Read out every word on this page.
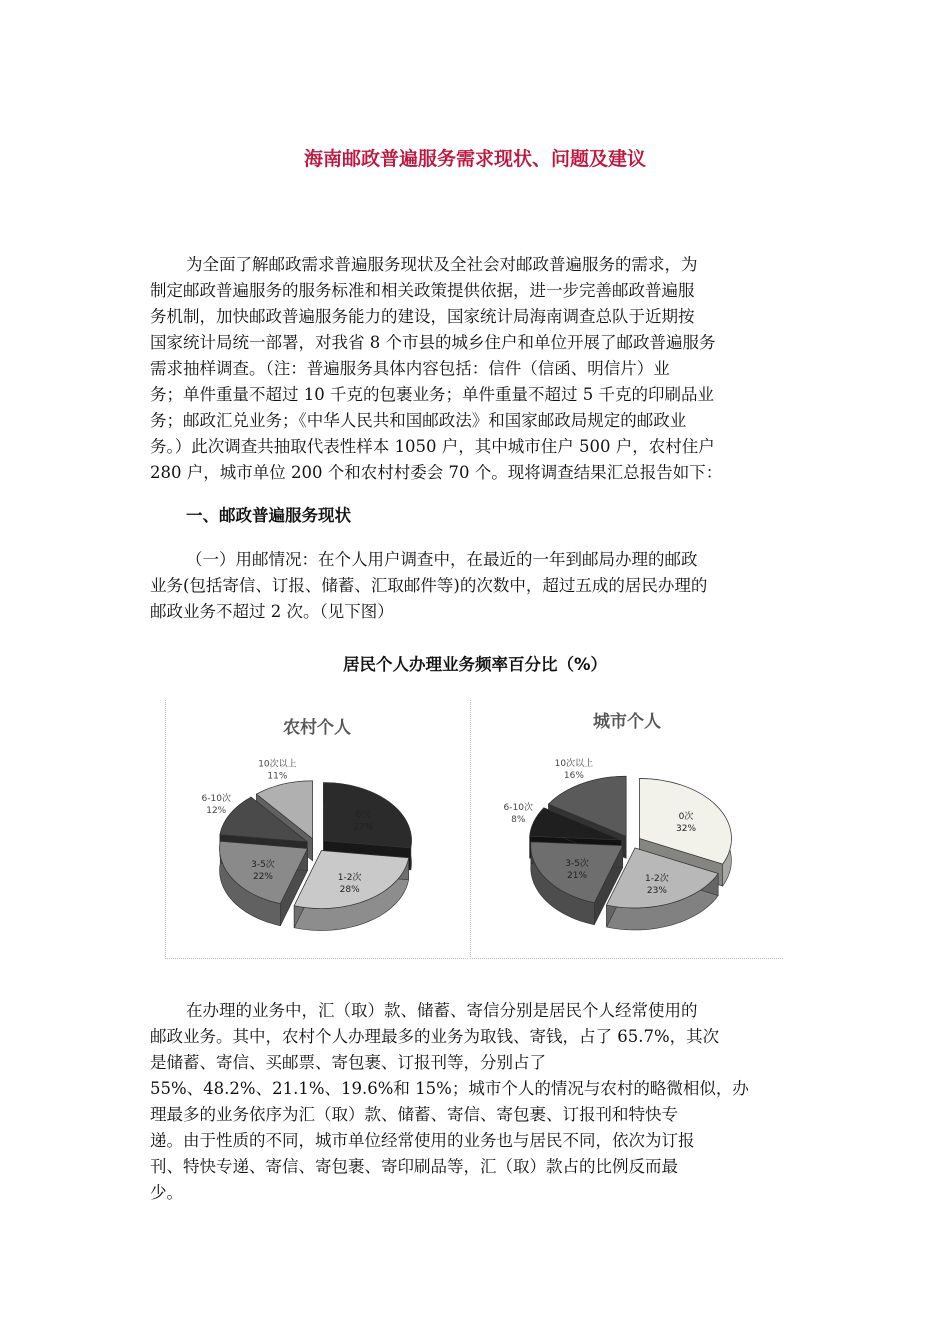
海南邮政普遍服务需求现状、问题及建议

为全面了解邮政需求普遍服务现状及全社会对邮政普遍服务的需求，为
制定邮政普遍服务的服务标准和相关政策提供依据，进一步完善邮政普遍服
务机制，加快邮政普遍服务能力的建设，国家统计局海南调查总队于近期按
国家统计局统一部署，对我省 8 个市县的城乡住户和单位开展了邮政普遍服务
需求抽样调查。（注：普遍服务具体内容包括：信件（信函、明信片）业
务；单件重量不超过 10 千克的包裹业务；单件重量不超过 5 千克的印刷品业
务；邮政汇兑业务；《中华人民共和国邮政法》和国家邮政局规定的邮政业
务。）此次调查共抽取代表性样本 1050 户，其中城市住户 500 户，农村住户
280 户，城市单位 200 个和农村村委会 70 个。现将调查结果汇总报告如下：

一、邮政普遍服务现状

（一）用邮情况：在个人用户调查中，在最近的一年到邮局办理的邮政
业务(包括寄信、订报、储蓄、汇取邮件等)的次数中，超过五成的居民办理的
邮政业务不超过 2 次。（见下图）

居民个人办理业务频率百分比（%）
农村个人
0次
27%
1-2次
28%
3-5次
22%
6-10次
12%
10次以上
11%
城市个人
0次
32%
1-2次
23%
3-5次
21%
6-10次
8%
10次以上
16%

在办理的业务中，汇（取）款、储蓄、寄信分别是居民个人经常使用的
邮政业务。其中，农村个人办理最多的业务为取钱、寄钱，占了 65.7%，其次
是储蓄、寄信、买邮票、寄包裹、订报刊等，分别占了
55%、48.2%、21.1%、19.6%和 15%；城市个人的情况与农村的略微相似，办
理最多的业务依序为汇（取）款、储蓄、寄信、寄包裹、订报刊和特快专
递。由于性质的不同，城市单位经常使用的业务也与居民不同，依次为订报
刊、特快专递、寄信、寄包裹、寄印刷品等，汇（取）款占的比例反而最
少。
